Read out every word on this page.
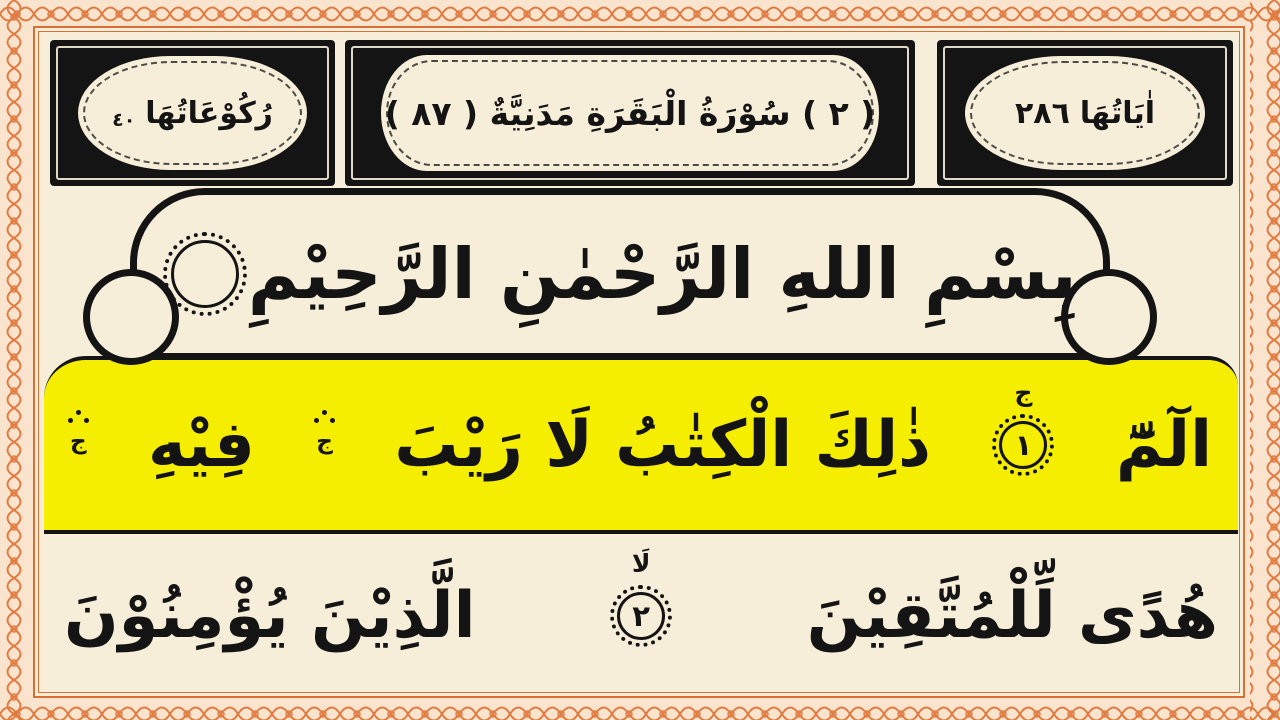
رُكُوْعَاتُهَا
٤٠	( ٢ ) سُوْرَةُ الْبَقَرَةِ مَدَنِيَّةٌ ( ٨٧ )	اٰيَاتُهَا
٢٨٦
بِسْمِ اللهِ الرَّحْمٰنِ الرَّحِيْمِ
الٓمّٓ
١
ج
ذٰلِكَ الْكِتٰبُ لَا رَيْبَ
ج
فِيْهِ
ج
هُدًى لِّلْمُتَّقِيْنَ
٢
لَا
الَّذِيْنَ يُؤْمِنُوْنَ
